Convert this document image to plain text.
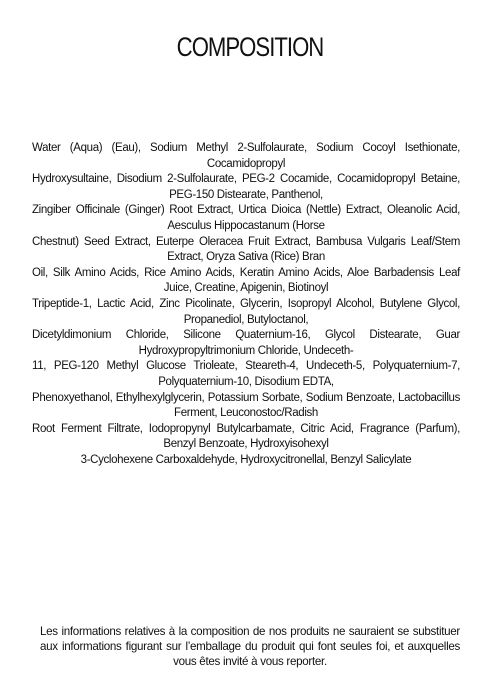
COMPOSITION

Water (Aqua) (Eau), Sodium Methyl 2-Sulfolaurate, Sodium Cocoyl Isethionate, Cocamidopropyl

Hydroxysultaine, Disodium 2-Sulfolaurate, PEG-2 Cocamide, Cocamidopropyl Betaine, PEG-150 Distearate, Panthenol,

Zingiber Officinale (Ginger) Root Extract, Urtica Dioica (Nettle) Extract, Oleanolic Acid, Aesculus Hippocastanum (Horse

Chestnut) Seed Extract, Euterpe Oleracea Fruit Extract, Bambusa Vulgaris Leaf/Stem Extract, Oryza Sativa (Rice) Bran

Oil, Silk Amino Acids, Rice Amino Acids, Keratin Amino Acids, Aloe Barbadensis Leaf Juice, Creatine, Apigenin, Biotinoyl

Tripeptide-1, Lactic Acid, Zinc Picolinate, Glycerin, Isopropyl Alcohol, Butylene Glycol, Propanediol, Butyloctanol,

Dicetyldimonium Chloride, Silicone Quaternium-16, Glycol Distearate, Guar Hydroxypropyltrimonium Chloride, Undeceth-

11, PEG-120 Methyl Glucose Trioleate, Steareth-4, Undeceth-5, Polyquaternium-7, Polyquaternium-10, Disodium EDTA,

Phenoxyethanol, Ethylhexylglycerin, Potassium Sorbate, Sodium Benzoate, Lactobacillus Ferment, Leuconostoc/Radish

Root Ferment Filtrate, Iodopropynyl Butylcarbamate, Citric Acid, Fragrance (Parfum), Benzyl Benzoate, Hydroxyisohexyl

3-Cyclohexene Carboxaldehyde, Hydroxycitronellal, Benzyl Salicylate

Les informations relatives à la composition de nos produits ne sauraient se substituer aux informations figurant sur l’emballage du produit qui font seules foi, et auxquelles vous êtes invité à vous reporter.
